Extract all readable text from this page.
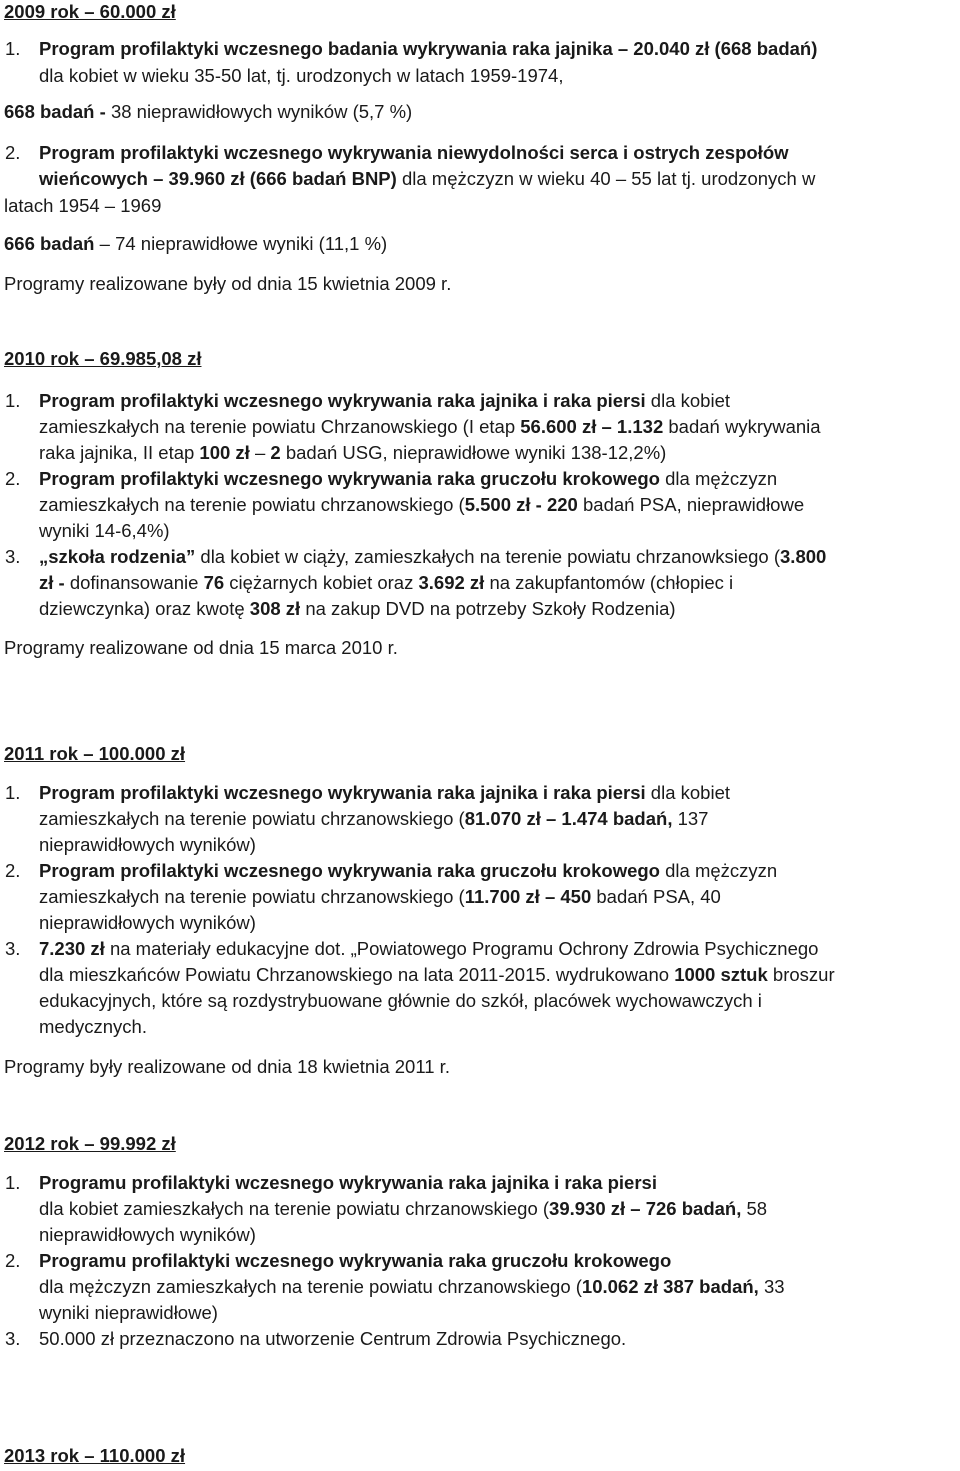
2009 rok – 60.000 zł
1. Program profilaktyki wczesnego badania wykrywania raka jajnika – 20.040 zł (668 badań)
dla kobiet w wieku 35-50 lat, tj. urodzonych w latach 1959-1974,
668 badań - 38 nieprawidłowych wyników (5,7 %)
2. Program profilaktyki wczesnego wykrywania niewydolności serca i ostrych zespołów
wieńcowych – 39.960 zł (666 badań BNP) dla mężczyzn w wieku 40 – 55 lat tj. urodzonych w
latach 1954 – 1969
666 badań – 74 nieprawidłowe wyniki (11,1 %)
Programy realizowane były od dnia 15 kwietnia 2009 r.
2010 rok – 69.985,08 zł
1. Program profilaktyki wczesnego wykrywania raka jajnika i raka piersi dla kobiet
zamieszkałych na terenie powiatu Chrzanowskiego (I etap 56.600 zł – 1.132 badań wykrywania
raka jajnika, II etap 100 zł – 2 badań USG, nieprawidłowe wyniki 138-12,2%)
2. Program profilaktyki wczesnego wykrywania raka gruczołu krokowego dla mężczyzn
zamieszkałych na terenie powiatu chrzanowskiego (5.500 zł - 220 badań PSA, nieprawidłowe
wyniki 14-6,4%)
3. „szkoła rodzenia” dla kobiet w ciąży, zamieszkałych na terenie powiatu chrzanowksiego (3.800
zł - dofinansowanie 76 ciężarnych kobiet oraz 3.692 zł na zakupfantomów (chłopiec i
dziewczynka) oraz kwotę 308 zł na zakup DVD na potrzeby Szkoły Rodzenia)
Programy realizowane od dnia 15 marca 2010 r.
2011 rok – 100.000 zł
1. Program profilaktyki wczesnego wykrywania raka jajnika i raka piersi dla kobiet
zamieszkałych na terenie powiatu chrzanowskiego (81.070 zł – 1.474 badań, 137
nieprawidłowych wyników)
2. Program profilaktyki wczesnego wykrywania raka gruczołu krokowego dla mężczyzn
zamieszkałych na terenie powiatu chrzanowskiego (11.700 zł – 450 badań PSA, 40
nieprawidłowych wyników)
3. 7.230 zł na materiały edukacyjne dot. „Powiatowego Programu Ochrony Zdrowia Psychicznego
dla mieszkańców Powiatu Chrzanowskiego na lata 2011-2015. wydrukowano 1000 sztuk broszur
edukacyjnych, które są rozdystrybuowane głównie do szkół, placówek wychowawczych i
medycznych.
Programy były realizowane od dnia 18 kwietnia 2011 r.
2012 rok – 99.992 zł
1. Programu profilaktyki wczesnego wykrywania raka jajnika i raka piersi
dla kobiet zamieszkałych na terenie powiatu chrzanowskiego (39.930 zł – 726 badań, 58
nieprawidłowych wyników)
2. Programu profilaktyki wczesnego wykrywania raka gruczołu krokowego
dla mężczyzn zamieszkałych na terenie powiatu chrzanowskiego (10.062 zł 387 badań, 33
wyniki nieprawidłowe)
3. 50.000 zł przeznaczono na utworzenie Centrum Zdrowia Psychicznego.
2013 rok – 110.000 zł
